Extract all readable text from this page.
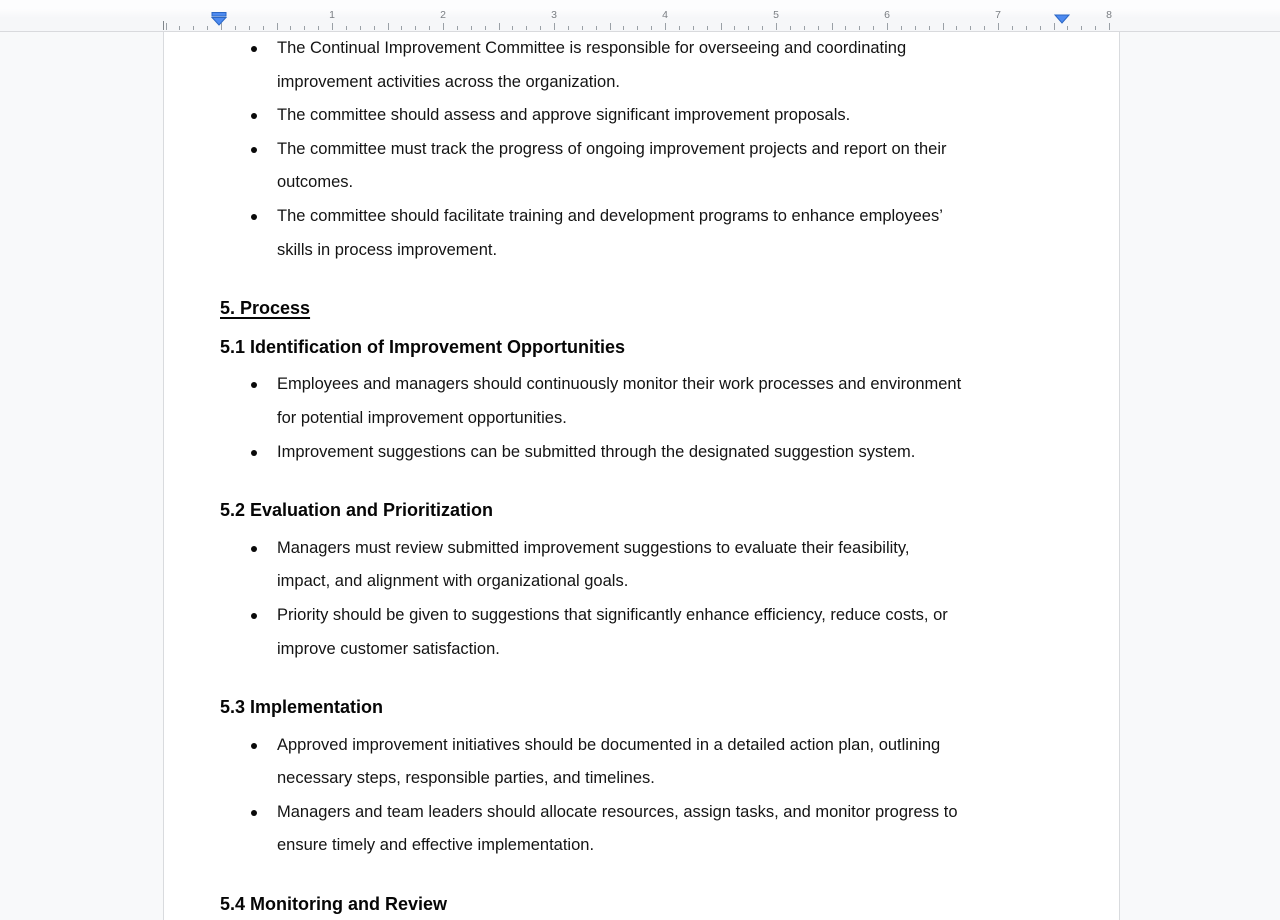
1	2	3	4	5	6	7	8
The Continual Improvement Committee is responsible for overseeing and coordinating
improvement activities across the organization.
The committee should assess and approve significant improvement proposals.
The committee must track the progress of ongoing improvement projects and report on their
outcomes.
The committee should facilitate training and development programs to enhance employees’
skills in process improvement.
5. Process
5.1 Identification of Improvement Opportunities
Employees and managers should continuously monitor their work processes and environment
for potential improvement opportunities.
Improvement suggestions can be submitted through the designated suggestion system.
5.2 Evaluation and Prioritization
Managers must review submitted improvement suggestions to evaluate their feasibility,
impact, and alignment with organizational goals.
Priority should be given to suggestions that significantly enhance efficiency, reduce costs, or
improve customer satisfaction.
5.3 Implementation
Approved improvement initiatives should be documented in a detailed action plan, outlining
necessary steps, responsible parties, and timelines.
Managers and team leaders should allocate resources, assign tasks, and monitor progress to
ensure timely and effective implementation.
5.4 Monitoring and Review
